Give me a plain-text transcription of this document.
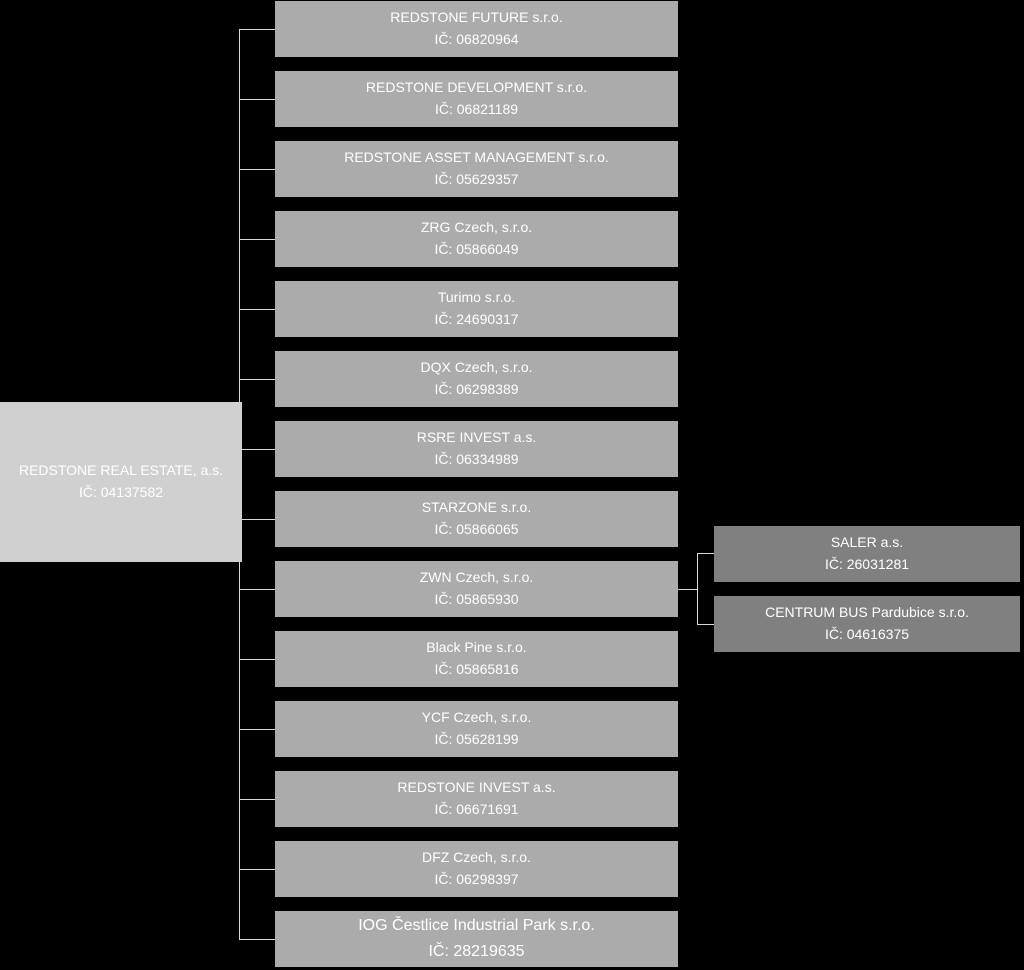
REDSTONE REAL ESTATE, a.s.
IČ: 04137582
REDSTONE FUTURE s.r.o.
IČ: 06820964
REDSTONE DEVELOPMENT s.r.o.
IČ: 06821189
REDSTONE ASSET MANAGEMENT s.r.o.
IČ: 05629357
ZRG Czech, s.r.o.
IČ: 05866049
Turimo s.r.o.
IČ: 24690317
DQX Czech, s.r.o.
IČ: 06298389
RSRE INVEST a.s.
IČ: 06334989
STARZONE s.r.o.
IČ: 05866065
ZWN Czech, s.r.o.
IČ: 05865930
Black Pine s.r.o.
IČ: 05865816
YCF Czech, s.r.o.
IČ: 05628199
REDSTONE INVEST a.s.
IČ: 06671691
DFZ Czech, s.r.o.
IČ: 06298397
IOG Čestlice Industrial Park s.r.o.
IČ: 28219635
SALER a.s.
IČ: 26031281
CENTRUM BUS Pardubice s.r.o.
IČ: 04616375
